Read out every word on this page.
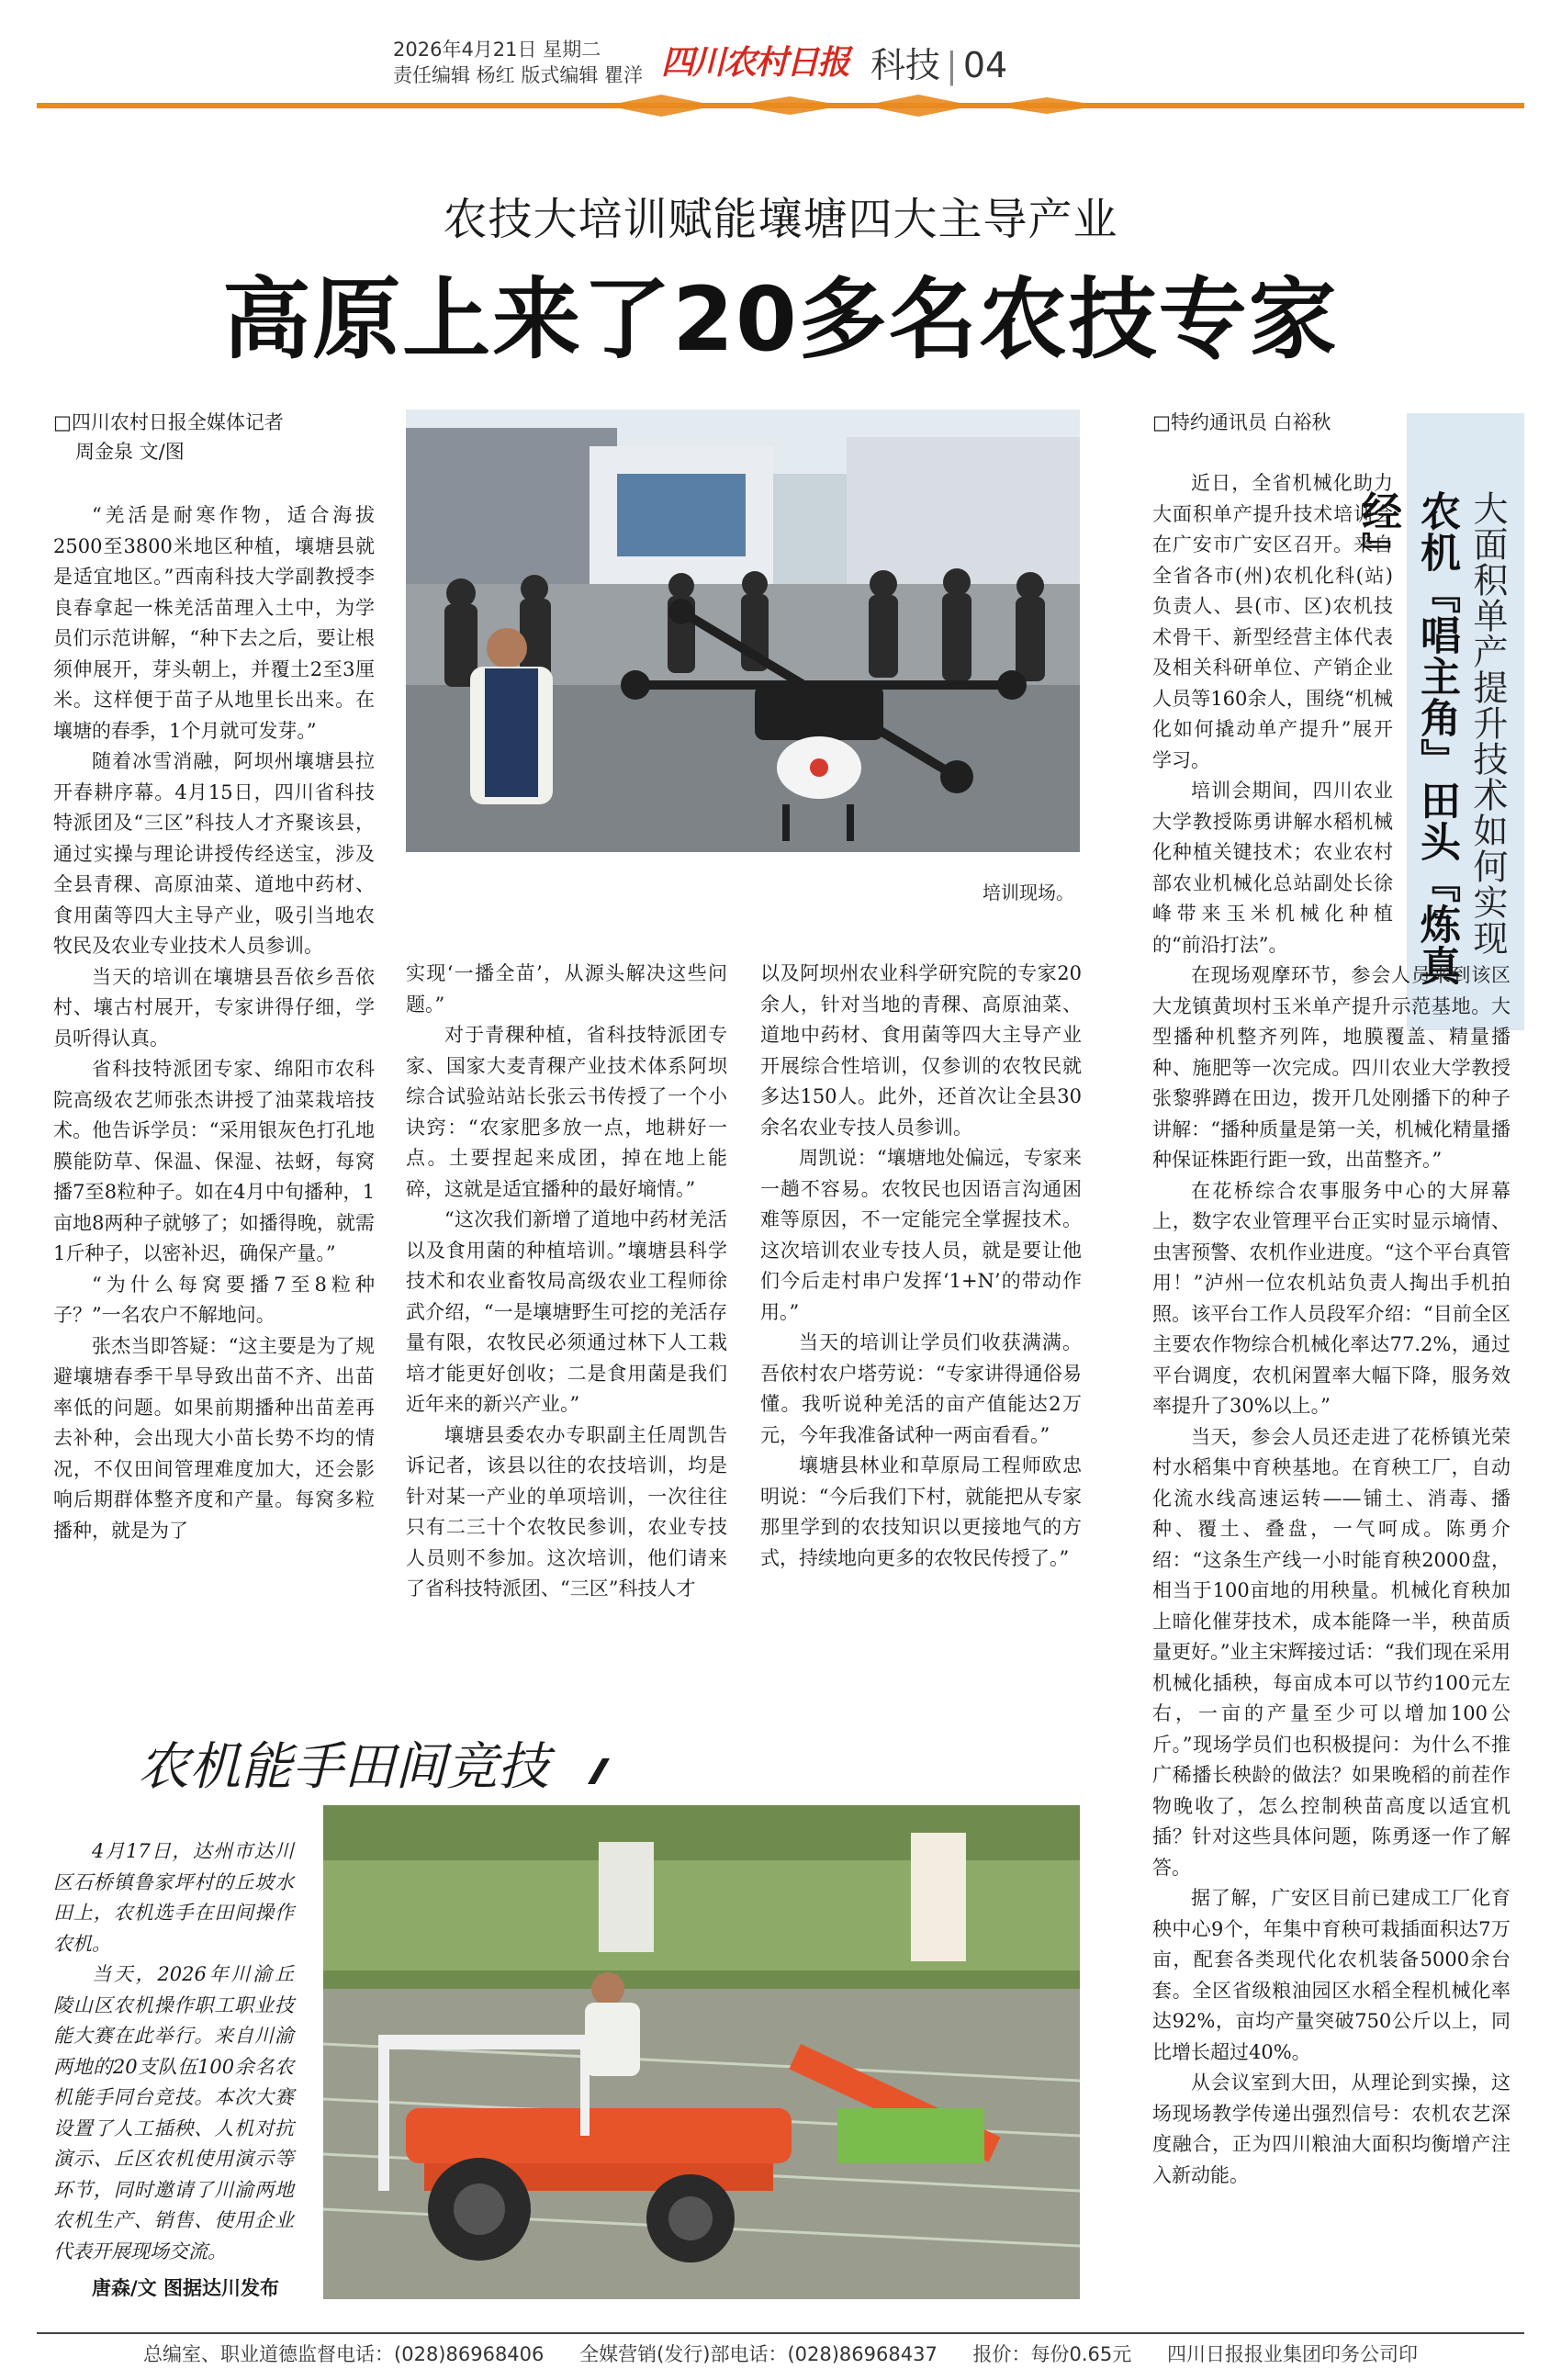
2026年4月21日 星期二
责任编辑 杨红 版式编辑 瞿洋 四川农村日报 科技 | 04
农技大培训赋能壤塘四大主导产业
高原上来了20多名农技专家
□四川农村日报全媒体记者
周金泉 文/图
培训现场。

“羌活是耐寒作物，适合海拔2500至3800米地区种植，壤塘县就是适宜地区。”西南科技大学副教授李良春拿起一株羌活苗理入土中，为学员们示范讲解，“种下去之后，要让根须伸展开，芽头朝上，并覆土2至3厘米。这样便于苗子从地里长出来。在壤塘的春季，1个月就可发芽。”

随着冰雪消融，阿坝州壤塘县拉开春耕序幕。4月15日，四川省科技特派团及“三区”科技人才齐聚该县，通过实操与理论讲授传经送宝，涉及全县青稞、高原油菜、道地中药材、食用菌等四大主导产业，吸引当地农牧民及农业专业技术人员参训。

当天的培训在壤塘县吾依乡吾依村、壤古村展开，专家讲得仔细，学员听得认真。

省科技特派团专家、绵阳市农科院高级农艺师张杰讲授了油菜栽培技术。他告诉学员：“采用银灰色打孔地膜能防草、保温、保湿、祛蚜，每窝播7至8粒种子。如在4月中旬播种，1亩地8两种子就够了；如播得晚，就需1斤种子，以密补迟，确保产量。”

“为什么每窝要播7至8粒种子？”一名农户不解地问。

张杰当即答疑：“这主要是为了规避壤塘春季干旱导致出苗不齐、出苗率低的问题。如果前期播种出苗差再去补种，会出现大小苗长势不均的情况，不仅田间管理难度加大，还会影响后期群体整齐度和产量。每窝多粒播种，就是为了

实现‘一播全苗’，从源头解决这些问题。”

对于青稞种植，省科技特派团专家、国家大麦青稞产业技术体系阿坝综合试验站站长张云书传授了一个小诀窍：“农家肥多放一点，地耕好一点。土要捏起来成团，掉在地上能碎，这就是适宜播种的最好墒情。”

“这次我们新增了道地中药材羌活以及食用菌的种植培训。”壤塘县科学技术和农业畜牧局高级农业工程师徐武介绍，“一是壤塘野生可挖的羌活存量有限，农牧民必须通过林下人工栽培才能更好创收；二是食用菌是我们近年来的新兴产业。”

壤塘县委农办专职副主任周凯告诉记者，该县以往的农技培训，均是针对某一产业的单项培训，一次往往只有二三十个农牧民参训，农业专技人员则不参加。这次培训，他们请来了省科技特派团、“三区”科技人才

以及阿坝州农业科学研究院的专家20余人，针对当地的青稞、高原油菜、道地中药材、食用菌等四大主导产业开展综合性培训，仅参训的农牧民就多达150人。此外，还首次让全县30余名农业专技人员参训。

周凯说：“壤塘地处偏远，专家来一趟不容易。农牧民也因语言沟通困难等原因，不一定能完全掌握技术。这次培训农业专技人员，就是要让他们今后走村串户发挥‘1+N’的带动作用。”

当天的培训让学员们收获满满。吾依村农户塔劳说：“专家讲得通俗易懂。我听说种羌活的亩产值能达2万元，今年我准备试种一两亩看看。”

壤塘县林业和草原局工程师欧忠明说：“今后我们下村，就能把从专家那里学到的农技知识以更接地气的方式，持续地向更多的农牧民传授了。”

□特约通讯员 白裕秋
大面积单产提升技术如何实现
农机『唱主角』田头『炼真经』

近日，全省机械化助力大面积单产提升技术培训会在广安市广安区召开。来自全省各市(州)农机化科(站)负责人、县(市、区)农机技术骨干、新型经营主体代表及相关科研单位、产销企业人员等160余人，围绕“机械化如何撬动单产提升”展开学习。

培训会期间，四川农业大学教授陈勇讲解水稻机械化种植关键技术；农业农村部农业机械化总站副处长徐峰带来玉米机械化种植的“前沿打法”。

在现场观摩环节，参会人员来到该区大龙镇黄坝村玉米单产提升示范基地。大型播种机整齐列阵，地膜覆盖、精量播种、施肥等一次完成。四川农业大学教授张黎骅蹲在田边，拨开几处刚播下的种子讲解：“播种质量是第一关，机械化精量播种保证株距行距一致，出苗整齐。”

在花桥综合农事服务中心的大屏幕上，数字农业管理平台正实时显示墒情、虫害预警、农机作业进度。“这个平台真管用！”泸州一位农机站负责人掏出手机拍照。该平台工作人员段军介绍：“目前全区主要农作物综合机械化率达77.2%，通过平台调度，农机闲置率大幅下降，服务效率提升了30%以上。”

当天，参会人员还走进了花桥镇光荣村水稻集中育秧基地。在育秧工厂，自动化流水线高速运转——铺土、消毒、播种、覆土、叠盘，一气呵成。陈勇介绍：“这条生产线一小时能育秧2000盘，相当于100亩地的用秧量。机械化育秧加上暗化催芽技术，成本能降一半，秧苗质量更好。”业主宋辉接过话：“我们现在采用机械化插秧，每亩成本可以节约100元左右，一亩的产量至少可以增加100公斤。”现场学员们也积极提问：为什么不推广稀播长秧龄的做法？如果晚稻的前茬作物晚收了，怎么控制秧苗高度以适宜机插？针对这些具体问题，陈勇逐一作了解答。

据了解，广安区目前已建成工厂化育秧中心9个，年集中育秧可栽插面积达7万亩，配套各类现代化农机装备5000余台套。全区省级粮油园区水稻全程机械化率达92%，亩均产量突破750公斤以上，同比增长超过40%。

从会议室到大田，从理论到实操，这场现场教学传递出强烈信号：农机农艺深度融合，正为四川粮油大面积均衡增产注入新动能。

农机能手田间竞技

4月17日，达州市达川区石桥镇鲁家坪村的丘坡水田上，农机选手在田间操作农机。

当天，2026年川渝丘陵山区农机操作职工职业技能大赛在此举行。来自川渝两地的20支队伍100余名农机能手同台竞技。本次大赛设置了人工插秧、人机对抗演示、丘区农机使用演示等环节，同时邀请了川渝两地农机生产、销售、使用企业代表开展现场交流。

唐森/文 图据达川发布
总编室、职业道德监督电话：(028)86968406 全媒营销(发行)部电话：(028)86968437 报价：每份0.65元 四川日报报业集团印务公司印
